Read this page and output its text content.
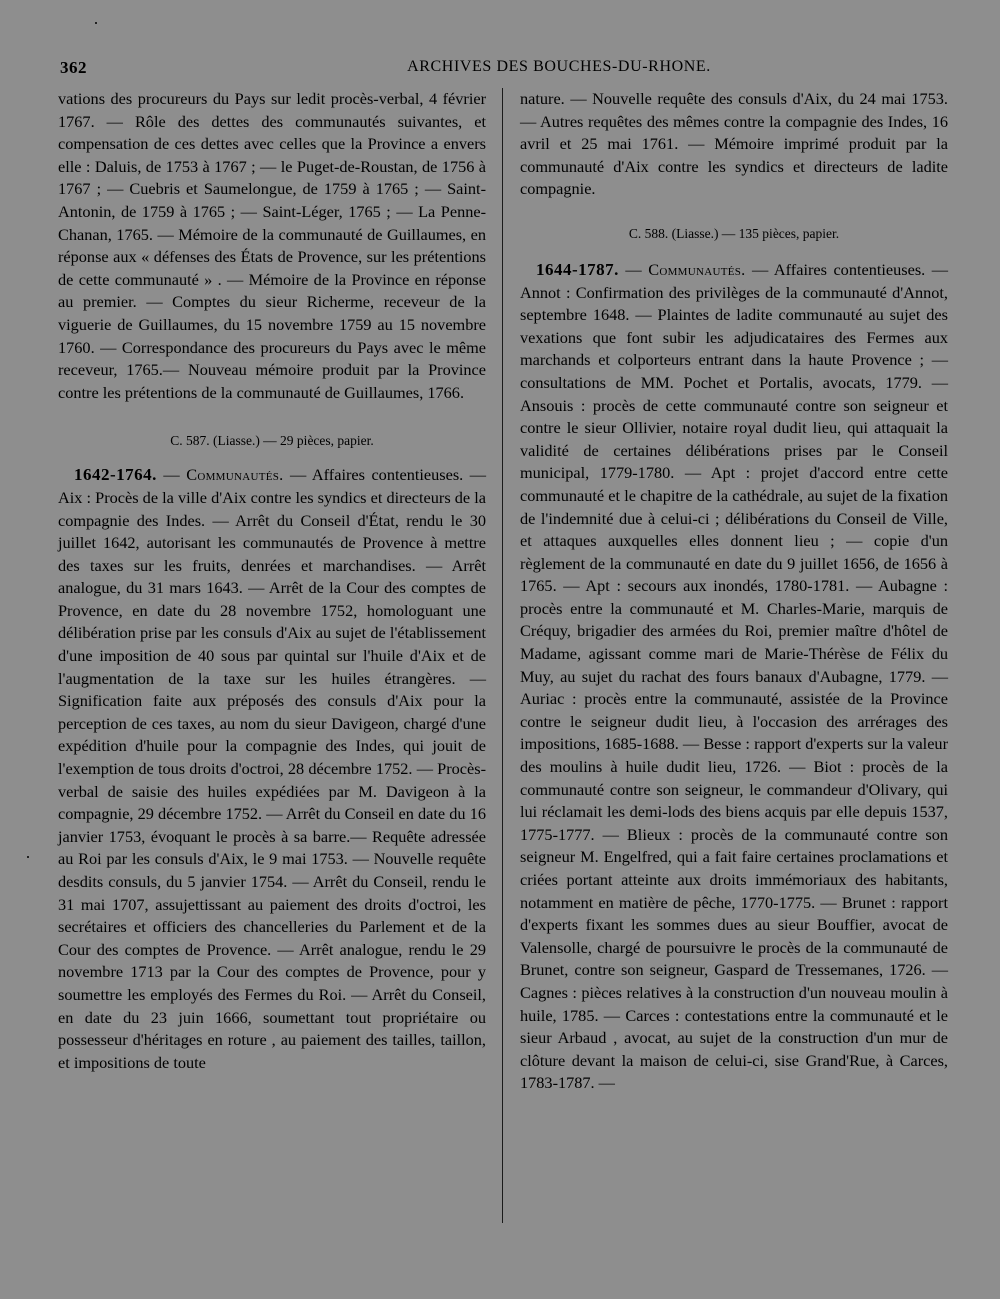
362	ARCHIVES DES BOUCHES-DU-RHONE.

vations des procureurs du Pays sur ledit procès-verbal, 4 février 1767. — Rôle des dettes des communautés suivantes, et compensation de ces dettes avec celles que la Province a envers elle : Daluis, de 1753 à 1767 ; — le Puget-de-Roustan, de 1756 à 1767 ; — Cuebris et Saumelongue, de 1759 à 1765 ; — Saint-Antonin, de 1759 à 1765 ; — Saint-Léger, 1765 ; — La Penne-Chanan, 1765. — Mémoire de la communauté de Guillaumes, en réponse aux « défenses des États de Provence, sur les prétentions de cette communauté » . — Mémoire de la Province en réponse au premier. — Comptes du sieur Richerme, receveur de la viguerie de Guillaumes, du 15 novembre 1759 au 15 novembre 1760. — Correspondance des procureurs du Pays avec le même receveur, 1765.— Nouveau mémoire produit par la Province contre les prétentions de la communauté de Guillaumes, 1766.

C. 587. (Liasse.) — 29 pièces, papier.

1642-1764. — Communautés. — Affaires contentieuses. — Aix : Procès de la ville d'Aix contre les syndics et directeurs de la compagnie des Indes. — Arrêt du Conseil d'État, rendu le 30 juillet 1642, autorisant les communautés de Provence à mettre des taxes sur les fruits, denrées et marchandises. — Arrêt analogue, du 31 mars 1643. — Arrêt de la Cour des comptes de Provence, en date du 28 novembre 1752, homologuant une délibération prise par les consuls d'Aix au sujet de l'établissement d'une imposition de 40 sous par quintal sur l'huile d'Aix et de l'augmentation de la taxe sur les huiles étrangères. — Signification faite aux préposés des consuls d'Aix pour la perception de ces taxes, au nom du sieur Davigeon, chargé d'une expédition d'huile pour la compagnie des Indes, qui jouit de l'exemption de tous droits d'octroi, 28 décembre 1752. — Procès-verbal de saisie des huiles expédiées par M. Davigeon à la compagnie, 29 décembre 1752. — Arrêt du Conseil en date du 16 janvier 1753, évoquant le procès à sa barre.— Requête adressée au Roi par les consuls d'Aix, le 9 mai 1753. — Nouvelle requête desdits consuls, du 5 janvier 1754. — Arrêt du Conseil, rendu le 31 mai 1707, assujettissant au paiement des droits d'octroi, les secrétaires et officiers des chancelleries du Parlement et de la Cour des comptes de Provence. — Arrêt analogue, rendu le 29 novembre 1713 par la Cour des comptes de Provence, pour y soumettre les employés des Fermes du Roi. — Arrêt du Conseil, en date du 23 juin 1666, soumettant tout propriétaire ou possesseur d'héritages en roture , au paiement des tailles, taillon, et impositions de toute

nature. — Nouvelle requête des consuls d'Aix, du 24 mai 1753. — Autres requêtes des mêmes contre la compagnie des Indes, 16 avril et 25 mai 1761. — Mémoire imprimé produit par la communauté d'Aix contre les syndics et directeurs de ladite compagnie.

C. 588. (Liasse.) — 135 pièces, papier.

1644-1787. — Communautés. — Affaires contentieuses. — Annot : Confirmation des privilèges de la communauté d'Annot, septembre 1648. — Plaintes de ladite communauté au sujet des vexations que font subir les adjudicataires des Fermes aux marchands et colporteurs entrant dans la haute Provence ; — consultations de MM. Pochet et Portalis, avocats, 1779. — Ansouis : procès de cette communauté contre son seigneur et contre le sieur Ollivier, notaire royal dudit lieu, qui attaquait la validité de certaines délibérations prises par le Conseil municipal, 1779-1780. — Apt : projet d'accord entre cette communauté et le chapitre de la cathédrale, au sujet de la fixation de l'indemnité due à celui-ci ; délibérations du Conseil de Ville, et attaques auxquelles elles donnent lieu ; — copie d'un règlement de la communauté en date du 9 juillet 1656, de 1656 à 1765. — Apt : secours aux inondés, 1780-1781. — Aubagne : procès entre la communauté et M. Charles-Marie, marquis de Créquy, brigadier des armées du Roi, premier maître d'hôtel de Madame, agissant comme mari de Marie-Thérèse de Félix du Muy, au sujet du rachat des fours banaux d'Aubagne, 1779. — Auriac : procès entre la communauté, assistée de la Province contre le seigneur dudit lieu, à l'occasion des arrérages des impositions, 1685-1688. — Besse : rapport d'experts sur la valeur des moulins à huile dudit lieu, 1726. — Biot : procès de la communauté contre son seigneur, le commandeur d'Olivary, qui lui réclamait les demi-lods des biens acquis par elle depuis 1537, 1775-1777. — Blieux : procès de la communauté contre son seigneur M. Engelfred, qui a fait faire certaines proclamations et criées portant atteinte aux droits immémoriaux des habitants, notamment en matière de pêche, 1770-1775. — Brunet : rapport d'experts fixant les sommes dues au sieur Bouffier, avocat de Valensolle, chargé de poursuivre le procès de la communauté de Brunet, contre son seigneur, Gaspard de Tressemanes, 1726. — Cagnes : pièces relatives à la construction d'un nouveau moulin à huile, 1785. — Carces : contestations entre la communauté et le sieur Arbaud , avocat, au sujet de la construction d'un mur de clôture devant la maison de celui-ci, sise Grand'Rue, à Carces, 1783-1787. —
